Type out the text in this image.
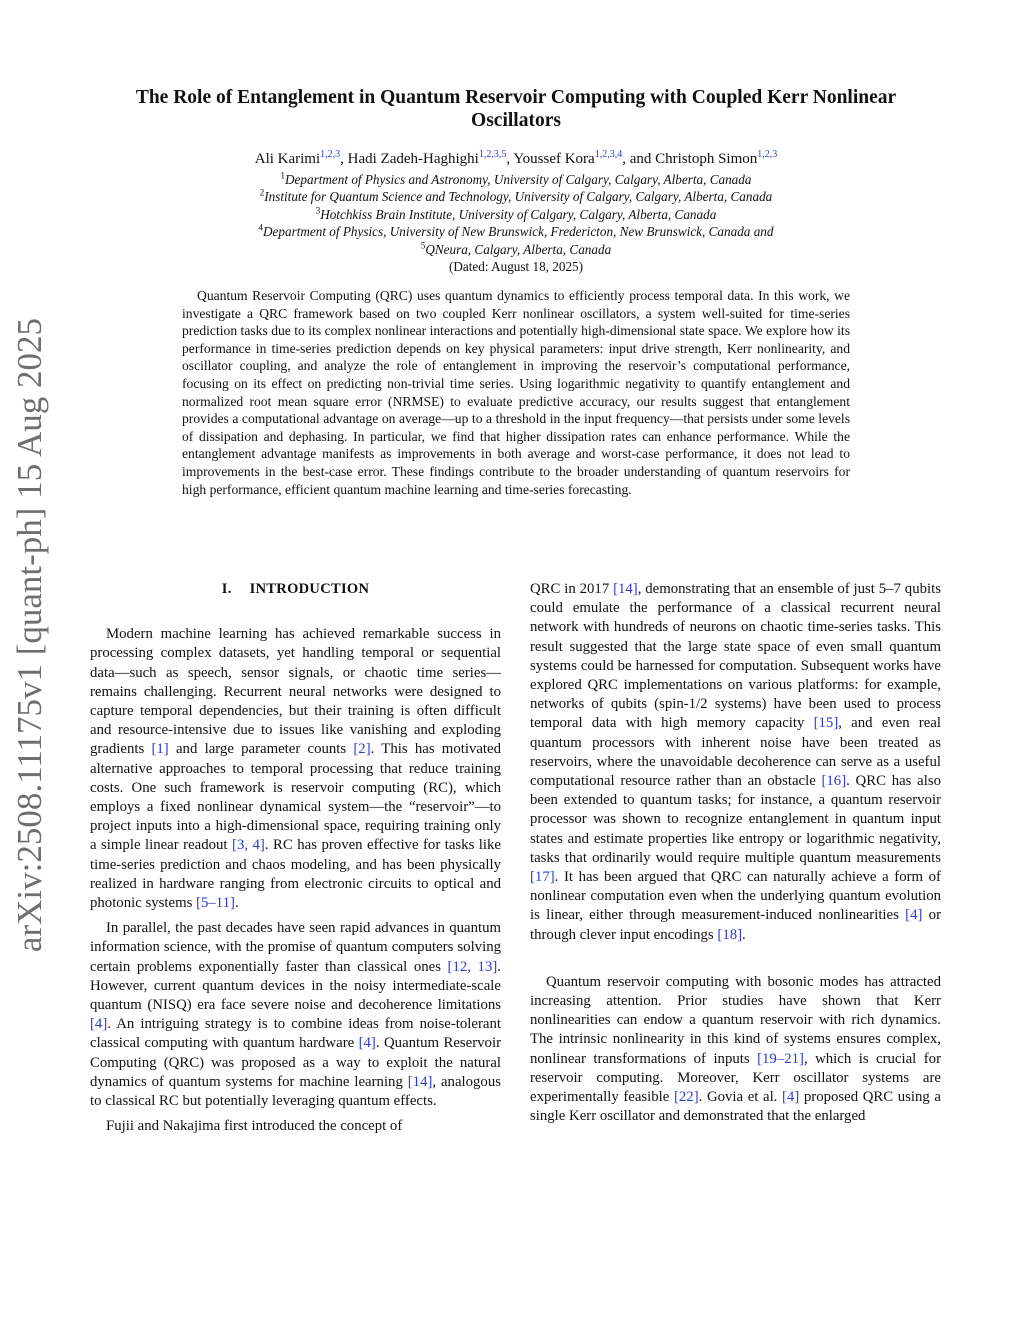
arXiv:2508.11175v1 [quant-ph] 15 Aug 2025
The Role of Entanglement in Quantum Reservoir Computing with Coupled Kerr Nonlinear Oscillators
Ali Karimi$^{1,2,3}$, Hadi Zadeh-Haghighi$^{1,2,3,5}$, Youssef Kora$^{1,2,3,4}$, and Christoph Simon$^{1,2,3}$
$^1$Department of Physics and Astronomy, University of Calgary, Calgary, Alberta, Canada
$^2$Institute for Quantum Science and Technology, University of Calgary, Calgary, Alberta, Canada
$^3$Hotchkiss Brain Institute, University of Calgary, Calgary, Alberta, Canada
$^4$Department of Physics, University of New Brunswick, Fredericton, New Brunswick, Canada and
$^5$QNeura, Calgary, Alberta, Canada
(Dated: August 18, 2025)

Quantum Reservoir Computing (QRC) uses quantum dynamics to efficiently process temporal data. In this work, we investigate a QRC framework based on two coupled Kerr nonlinear oscillators, a system well-suited for time-series prediction tasks due to its complex nonlinear interactions and potentially high-dimensional state space. We explore how its performance in time-series prediction depends on key physical parameters: input drive strength, Kerr nonlinearity, and oscillator coupling, and analyze the role of entanglement in improving the reservoir’s computational performance, focusing on its effect on predicting non-trivial time series. Using logarithmic negativity to quantify entanglement and normalized root mean square error (NRMSE) to evaluate predictive accuracy, our results suggest that entanglement provides a computational advantage on average—up to a threshold in the input frequency—that persists under some levels of dissipation and dephasing. In particular, we find that higher dissipation rates can enhance performance. While the entanglement advantage manifests as improvements in both average and worst-case performance, it does not lead to improvements in the best-case error. These findings contribute to the broader understanding of quantum reservoirs for high performance, efficient quantum machine learning and time-series forecasting.

I. INTRODUCTION

Modern machine learning has achieved remarkable success in processing complex datasets, yet handling temporal or sequential data—such as speech, sensor signals, or chaotic time series—remains challenging. Recurrent neural networks were designed to capture temporal dependencies, but their training is often difficult and resource-intensive due to issues like vanishing and exploding gradients [1] and large parameter counts [2]. This has motivated alternative approaches to temporal processing that reduce training costs. One such framework is reservoir computing (RC), which employs a fixed nonlinear dynamical system—the “reservoir”—to project inputs into a high-dimensional space, requiring training only a simple linear readout [3, 4]. RC has proven effective for tasks like time-series prediction and chaos modeling, and has been physically realized in hardware ranging from electronic circuits to optical and photonic systems [5–11].

In parallel, the past decades have seen rapid advances in quantum information science, with the promise of quantum computers solving certain problems exponentially faster than classical ones [12, 13]. However, current quantum devices in the noisy intermediate-scale quantum (NISQ) era face severe noise and decoherence limitations [4]. An intriguing strategy is to combine ideas from noise-tolerant classical computing with quantum hardware [4]. Quantum Reservoir Computing (QRC) was proposed as a way to exploit the natural dynamics of quantum systems for machine learning [14], analogous to classical RC but potentially leveraging quantum effects.

Fujii and Nakajima first introduced the concept of

QRC in 2017 [14], demonstrating that an ensemble of just 5–7 qubits could emulate the performance of a classical recurrent neural network with hundreds of neurons on chaotic time-series tasks. This result suggested that the large state space of even small quantum systems could be harnessed for computation. Subsequent works have explored QRC implementations on various platforms: for example, networks of qubits (spin-1/2 systems) have been used to process temporal data with high memory capacity [15], and even real quantum processors with inherent noise have been treated as reservoirs, where the unavoidable decoherence can serve as a useful computational resource rather than an obstacle [16]. QRC has also been extended to quantum tasks; for instance, a quantum reservoir processor was shown to recognize entanglement in quantum input states and estimate properties like entropy or logarithmic negativity, tasks that ordinarily would require multiple quantum measurements [17]. It has been argued that QRC can naturally achieve a form of nonlinear computation even when the underlying quantum evolution is linear, either through measurement-induced nonlinearities [4] or through clever input encodings [18].

Quantum reservoir computing with bosonic modes has attracted increasing attention. Prior studies have shown that Kerr nonlinearities can endow a quantum reservoir with rich dynamics. The intrinsic nonlinearity in this kind of systems ensures complex, nonlinear transformations of inputs [19–21], which is crucial for reservoir computing. Moreover, Kerr oscillator systems are experimentally feasible [22]. Govia et al. [4] proposed QRC using a single Kerr oscillator and demonstrated that the enlarged
